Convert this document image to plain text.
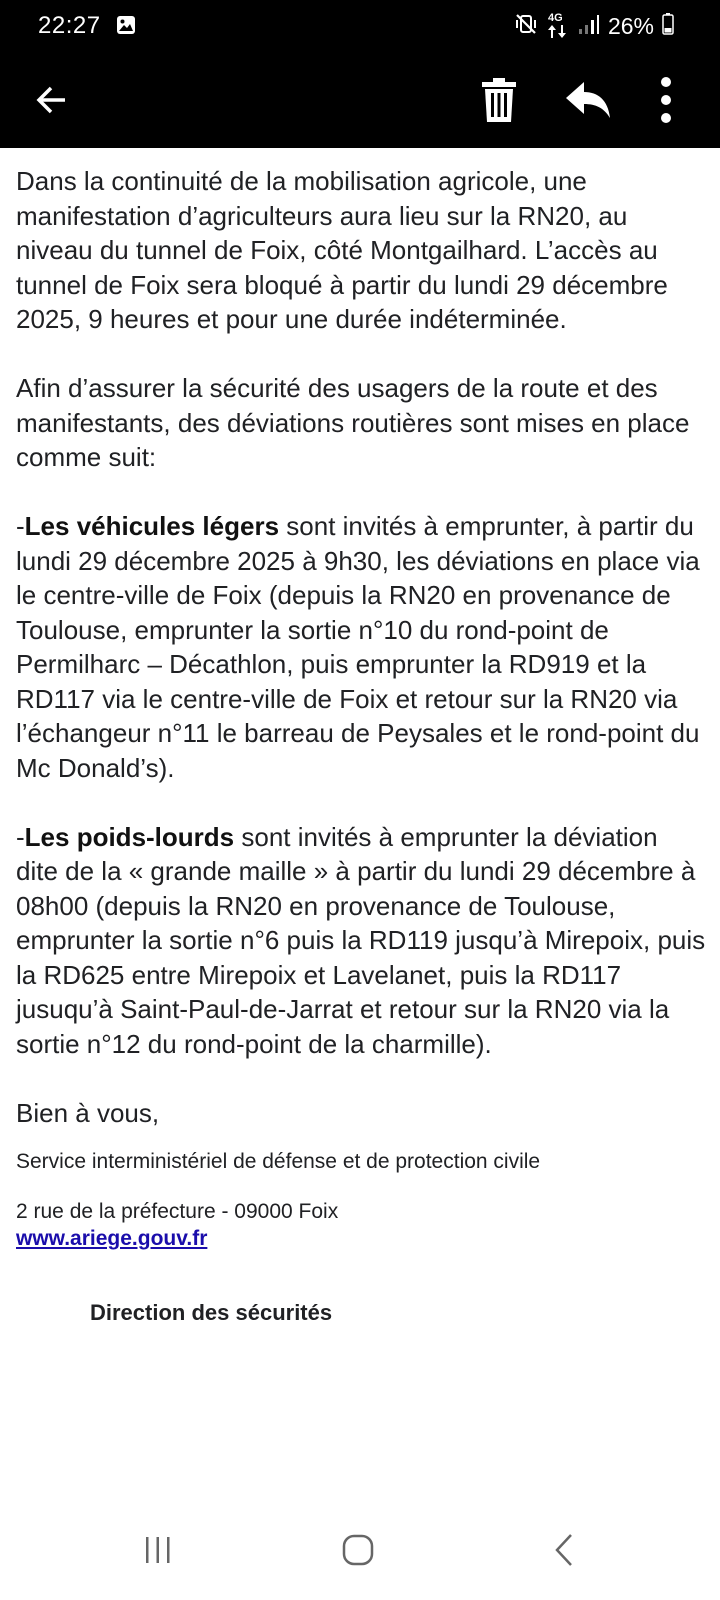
22:27	4G 26%

Dans la continuité de la mobilisation agricole, une manifestation d’agriculteurs aura lieu sur la RN20, au niveau du tunnel de Foix, côté Montgailhard. L’accès au tunnel de Foix sera bloqué à partir du lundi 29 décembre 2025, 9 heures et pour une durée indéterminée.

Afin d’assurer la sécurité des usagers de la route et des manifestants, des déviations routières sont mises en place comme suit:

-Les véhicules légers sont invités à emprunter, à partir du lundi 29 décembre 2025 à 9h30, les déviations en place via le centre-ville de Foix (depuis la RN20 en provenance de Toulouse, emprunter la sortie n°10 du rond-point de Permilharc – Décathlon, puis emprunter la RD919 et la RD117 via le centre-ville de Foix et retour sur la RN20 via l’échangeur n°11 le barreau de Peysales et le rond-point du Mc Donald’s).

-Les poids-lourds sont invités à emprunter la déviation dite de la « grande maille » à partir du lundi 29 décembre à 08h00 (depuis la RN20 en provenance de Toulouse, emprunter la sortie n°6 puis la RD119 jusqu’à Mirepoix, puis la RD625 entre Mirepoix et Lavelanet, puis la RD117 jusuqu’à Saint-Paul-de-Jarrat et retour sur la RN20 via la sortie n°12 du rond-point de la charmille).

Bien à vous,

Service interministériel de défense et de protection civile
2 rue de la préfecture - 09000 Foix
www.ariege.gouv.fr
Direction des sécurités
